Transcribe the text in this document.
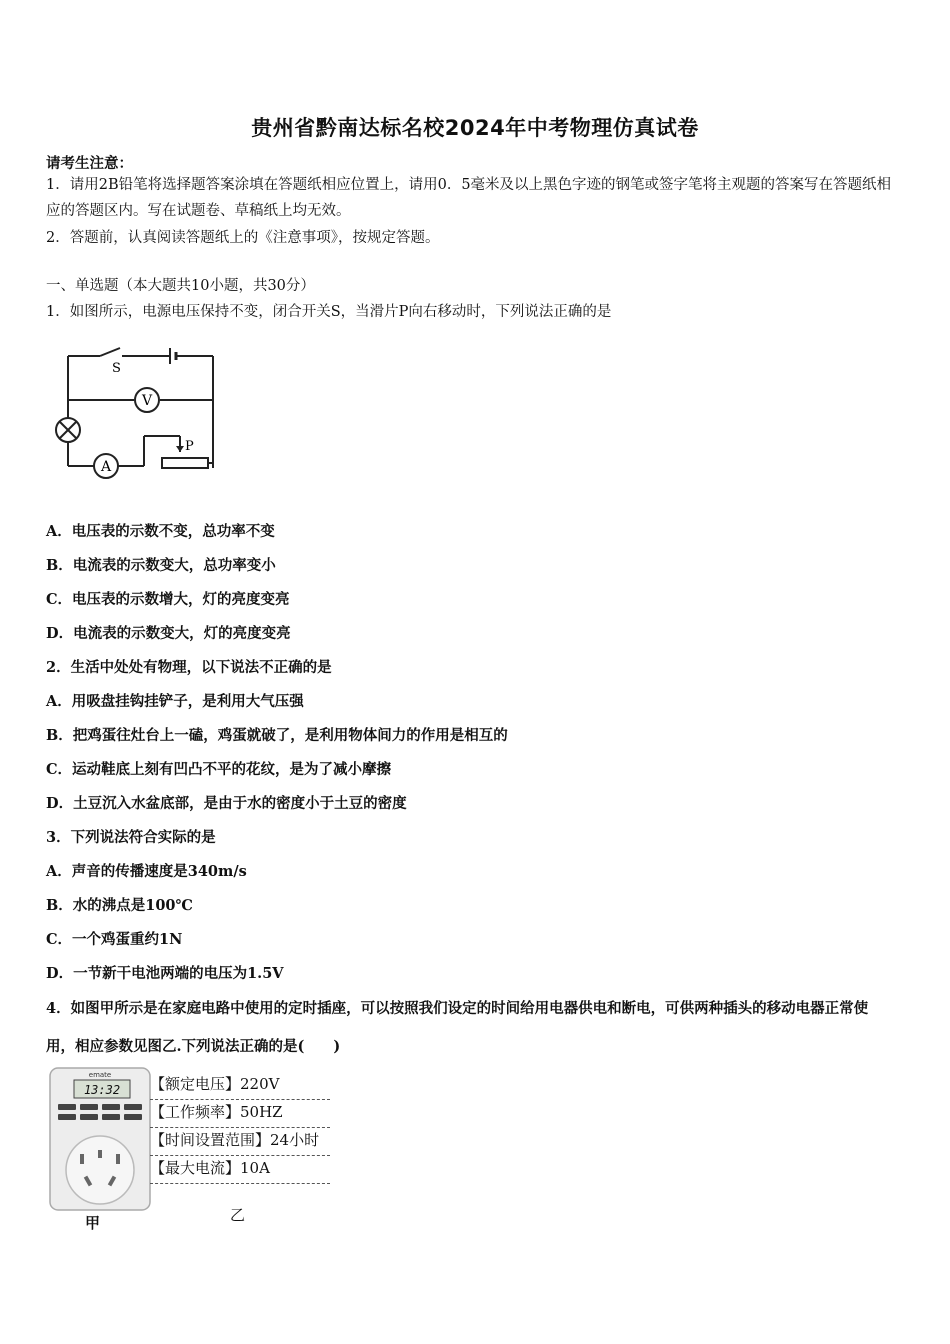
贵州省黔南达标名校2024年中考物理仿真试卷
请考生注意：
1．请用2B铅笔将选择题答案涂填在答题纸相应位置上，请用0．5毫米及以上黑色字迹的钢笔或签字笔将主观题的答案写在答题纸相应的答题区内。写在试题卷、草稿纸上均无效。
2．答题前，认真阅读答题纸上的《注意事项》，按规定答题。
一、单选题（本大题共10小题，共30分）
1．如图所示，电源电压保持不变，闭合开关S，当滑片P向右移动时，下列说法正确的是
V
A
S
P
A．电压表的示数不变，总功率不变
B．电流表的示数变大，总功率变小
C．电压表的示数增大，灯的亮度变亮
D．电流表的示数变大，灯的亮度变亮
2．生活中处处有物理，以下说法不正确的是
A．用吸盘挂钩挂铲子，是利用大气压强
B．把鸡蛋往灶台上一磕，鸡蛋就破了，是利用物体间力的作用是相互的
C．运动鞋底上刻有凹凸不平的花纹，是为了减小摩擦
D．土豆沉入水盆底部，是由于水的密度小于土豆的密度
3．下列说法符合实际的是
A．声音的传播速度是340m/s
B．水的沸点是100℃
C．一个鸡蛋重约1N
D．一节新干电池两端的电压为1.5V
4．如图甲所示是在家庭电路中使用的定时插座，可以按照我们设定的时间给用电器供电和断电，可供两种插头的移动电器正常使用，相应参数见图乙.下列说法正确的是(　　)
emate
13:32 【额定电压】220V
【工作频率】50HZ
【时间设置范围】24小时
【最大电流】10A
甲	乙
